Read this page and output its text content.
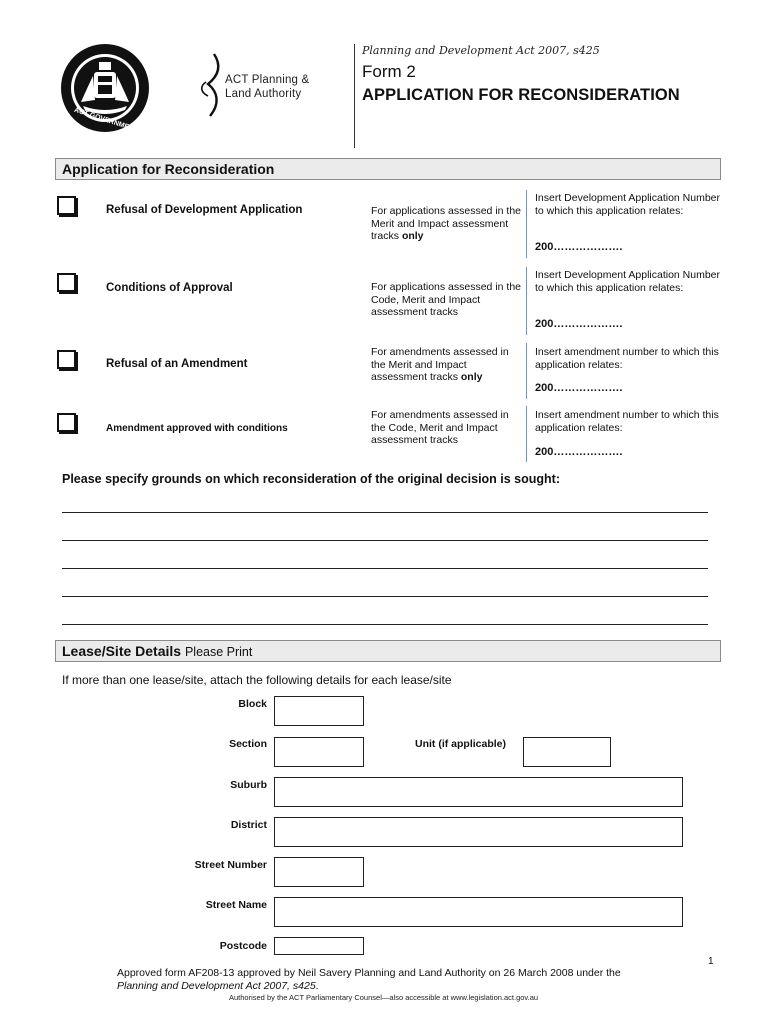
ACT GOVERNMENT
ACT Planning &
Land Authority
Planning and Development Act 2007, s425
Form 2
APPLICATION FOR RECONSIDERATION
Application for Reconsideration
Refusal of Development Application	For applications assessed in the Merit and Impact assessment tracks only
Insert Development Application Number to which this application relates:
200……………….
Conditions of Approval	For applications assessed in the Code, Merit and Impact assessment tracks
Insert Development Application Number to which this application relates:
200……………….
Refusal of an Amendment
For amendments assessed in the Merit and Impact assessment tracks only
Insert amendment number to which this application relates:
200……………….
Amendment approved with conditions
For amendments assessed in the Code, Merit and Impact assessment tracks
Insert amendment number to which this application relates:
200……………….
Please specify grounds on which reconsideration of the original decision is sought:
Lease/Site Details Please Print
If more than one lease/site, attach the following details for each lease/site
Block
Section	Unit (if applicable)
Suburb
District
Street Number
Street Name
Postcode
1
Approved form AF208-13 approved by Neil Savery Planning and Land Authority on 26 March 2008 under the
Planning and Development Act 2007, s425.
Authorised by the ACT Parliamentary Counsel—also accessible at www.legislation.act.gov.au
